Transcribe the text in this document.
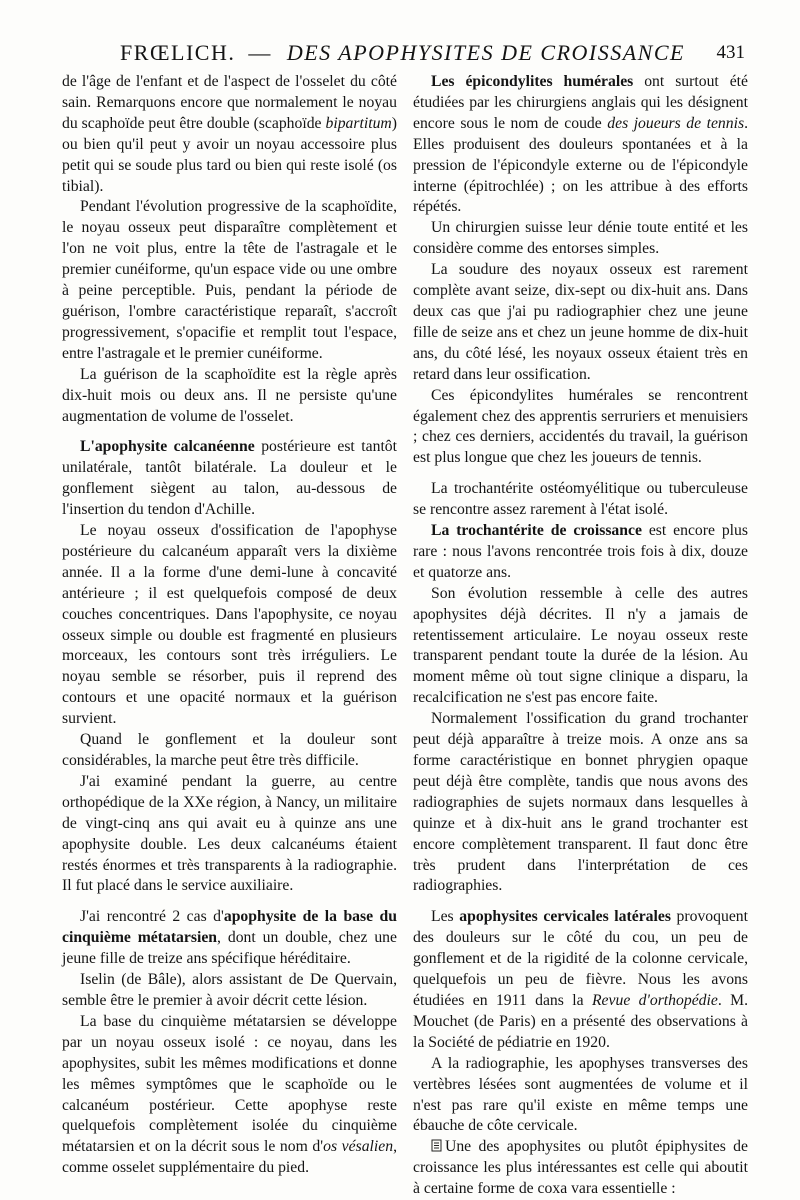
FRŒLICH. — DES APOPHYSITES DE CROISSANCE 431

de l'âge de l'enfant et de l'aspect de l'osselet du côté sain. Remarquons encore que normalement le noyau du scaphoïde peut être double (scaphoïde bipartitum) ou bien qu'il peut y avoir un noyau accessoire plus petit qui se soude plus tard ou bien qui reste isolé (os tibial).

Pendant l'évolution progressive de la scaphoïdite, le noyau osseux peut disparaître complètement et l'on ne voit plus, entre la tête de l'astragale et le premier cunéiforme, qu'un espace vide ou une ombre à peine perceptible. Puis, pendant la période de guérison, l'ombre caractéristique reparaît, s'accroît progressivement, s'opacifie et remplit tout l'espace, entre l'astragale et le premier cunéiforme.

La guérison de la scaphoïdite est la règle après dix-huit mois ou deux ans. Il ne persiste qu'une augmentation de volume de l'osselet.

L'apophysite calcanéenne postérieure est tantôt unilatérale, tantôt bilatérale. La douleur et le gonflement siègent au talon, au-dessous de l'insertion du tendon d'Achille.

Le noyau osseux d'ossification de l'apophyse postérieure du calcanéum apparaît vers la dixième année. Il a la forme d'une demi-lune à concavité antérieure ; il est quelquefois composé de deux couches concentriques. Dans l'apophysite, ce noyau osseux simple ou double est fragmenté en plusieurs morceaux, les contours sont très irréguliers. Le noyau semble se résorber, puis il reprend des contours et une opacité normaux et la guérison survient.

Quand le gonflement et la douleur sont considérables, la marche peut être très difficile.

J'ai examiné pendant la guerre, au centre orthopédique de la XXe région, à Nancy, un militaire de vingt-cinq ans qui avait eu à quinze ans une apophysite double. Les deux calcanéums étaient restés énormes et très transparents à la radiographie. Il fut placé dans le service auxiliaire.

J'ai rencontré 2 cas d'apophysite de la base du cinquième métatarsien, dont un double, chez une jeune fille de treize ans spécifique héréditaire.

Iselin (de Bâle), alors assistant de De Quervain, semble être le premier à avoir décrit cette lésion.

La base du cinquième métatarsien se développe par un noyau osseux isolé : ce noyau, dans les apophysites, subit les mêmes modifications et donne les mêmes symptômes que le scaphoïde ou le calcanéum postérieur. Cette apophyse reste quelquefois complètement isolée du cinquième métatarsien et on la décrit sous le nom d'os vésalien, comme osselet supplémentaire du pied.

Les épicondylites humérales ont surtout été étudiées par les chirurgiens anglais qui les désignent encore sous le nom de coude des joueurs de tennis. Elles produisent des douleurs spontanées et à la pression de l'épicondyle externe ou de l'épicondyle interne (épitrochlée) ; on les attribue à des efforts répétés.

Un chirurgien suisse leur dénie toute entité et les considère comme des entorses simples.

La soudure des noyaux osseux est rarement complète avant seize, dix-sept ou dix-huit ans. Dans deux cas que j'ai pu radiographier chez une jeune fille de seize ans et chez un jeune homme de dix-huit ans, du côté lésé, les noyaux osseux étaient très en retard dans leur ossification.

Ces épicondylites humérales se rencontrent également chez des apprentis serruriers et menuisiers ; chez ces derniers, accidentés du travail, la guérison est plus longue que chez les joueurs de tennis.

La trochantérite ostéomyélitique ou tuberculeuse se rencontre assez rarement à l'état isolé.

La trochantérite de croissance est encore plus rare : nous l'avons rencontrée trois fois à dix, douze et quatorze ans.

Son évolution ressemble à celle des autres apophysites déjà décrites. Il n'y a jamais de retentissement articulaire. Le noyau osseux reste transparent pendant toute la durée de la lésion. Au moment même où tout signe clinique a disparu, la recalcification ne s'est pas encore faite.

Normalement l'ossification du grand trochanter peut déjà apparaître à treize mois. A onze ans sa forme caractéristique en bonnet phrygien opaque peut déjà être complète, tandis que nous avons des radiographies de sujets normaux dans lesquelles à quinze et à dix-huit ans le grand trochanter est encore complètement transparent. Il faut donc être très prudent dans l'interprétation de ces radiographies.

Les apophysites cervicales latérales provoquent des douleurs sur le côté du cou, un peu de gonflement et de la rigidité de la colonne cervicale, quelquefois un peu de fièvre. Nous les avons étudiées en 1911 dans la Revue d'orthopédie. M. Mouchet (de Paris) en a présenté des observations à la Société de pédiatrie en 1920.

A la radiographie, les apophyses transverses des vertèbres lésées sont augmentées de volume et il n'est pas rare qu'il existe en même temps une ébauche de côte cervicale.

Une des apophysites ou plutôt épiphysites de croissance les plus intéressantes est celle qui aboutit à certaine forme de coxa vara essentielle :
